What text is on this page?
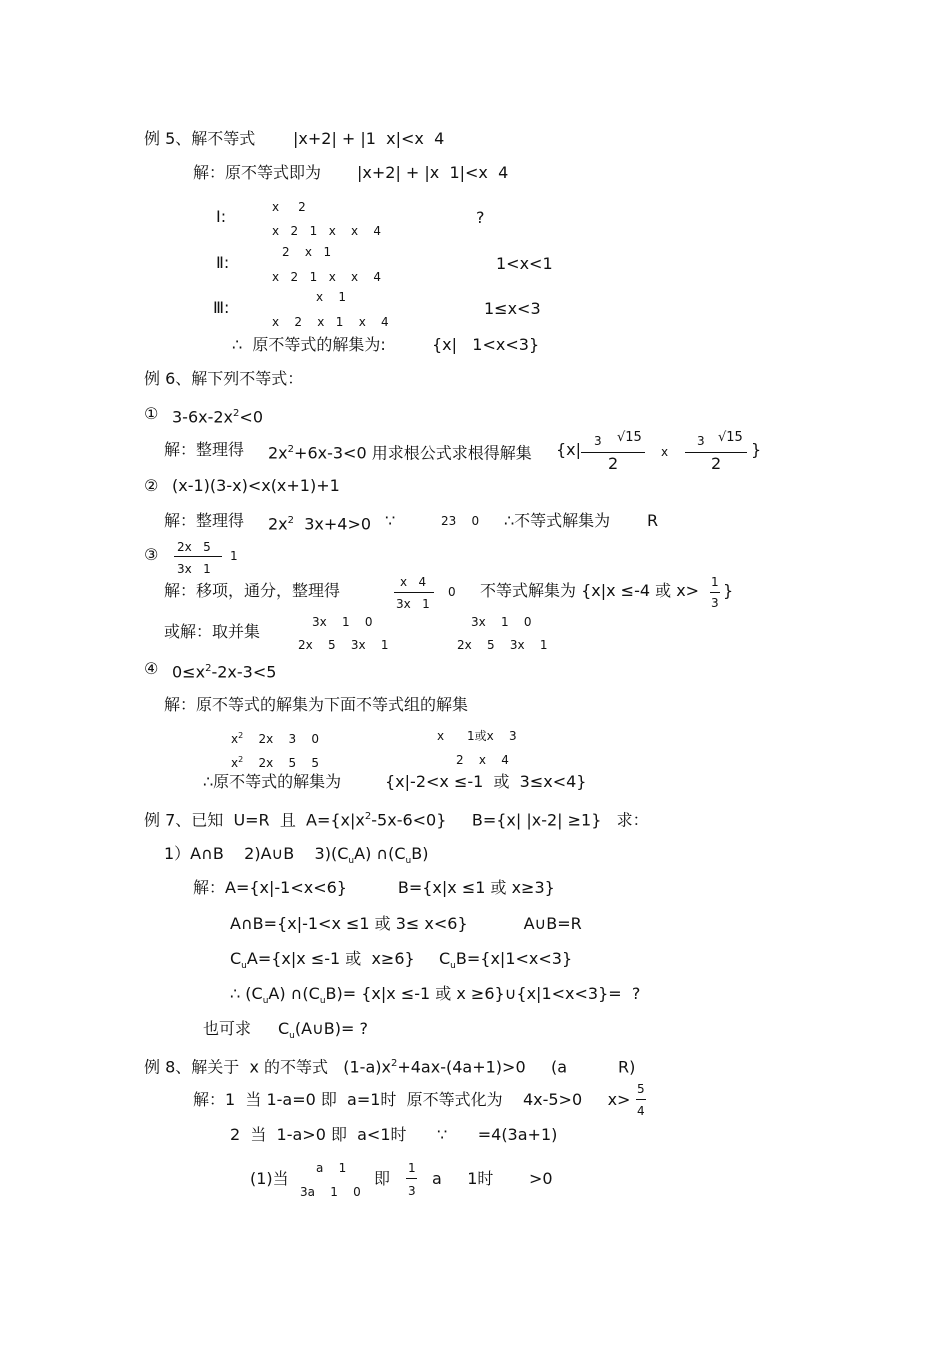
例 5、解不等式 |x+2| + |1  x|<x  4
解：原不等式即为 |x+2| + |x  1|<x  4
Ⅰ:	x     2
x   2   1   x    x    4
?
Ⅱ:
2    x   1
x   2   1   x    x    4
1<x<1
Ⅲ:
x    1
x    2    x   1    x    4
1≤x<3
∴  原不等式的解集为:	{x|   1<x<3}
例 6、解下列不等式：
① $3-6x-2x^2<0$
解：整理得 $2x^2+6x-3<0$ 用求根公式求根得解集 {x| 3 √15
2
x
3 √15
2
}
② (x-1)(3-x)<x(x+1)+1
解：整理得 $2x^2$ 3x+4>0 ∵	23    0 ∴不等式解集为 R
③ 2x   5
3x   1
1
解：移项，通分，整理得	x   4
3x   1
0 不等式解集为 {x|x ≤-4 或 x> 1
3
}
或解：取并集	3x    1    0
2x    5    3x    1
3x    1    0
2x    5    3x    1
④ $0\le x^2-2x-3<5$
解：原不等式的解集为下面不等式组的解集
$x^2$ 2x    3    0
$x^2$ 2x    5    5
x      1或x    3
2    x    4
∴原不等式的解集为	{x|-2<x ≤-1  或  3≤x<4}
例 7、已知  U=R  且  $A=\{x|x^2-5x-6<0\}$     B={x| |x-2| ≥1}   求：
1）A∩B    2)A∪B    $3)(C_uA)$ $\cap(C_uB)$
解：A={x|-1<x<6}          B={x|x ≤1 或 x≥3}
A∩B={x|-1<x ≤1 或 3≤ x<6}           A∪B=R
$C_uA=\{x|x \le-1$ 或  x≥6} $C_uB=\{x|1<x<3\}$
∴ $(C_uA)$ $\cap(C_uB)= \{x|x \le-1$ 或 x ≥6}∪{x|1<x<3}=  ?
也可求 $C_u(A\cup B)=$ ?
例 8、解关于  x 的不等式   $(1-a)x^2+4ax-(4a+1)>0$     (a          R)
解：1  当 1-a=0 即  a=1时  原不等式化为    4x-5>0     x>
5
4
2  当  1-a>0 即  a<1时      ∵      =4(3a+1)
(1)当
a    1
3a    1    0
即
1
3
a     1时       >0
